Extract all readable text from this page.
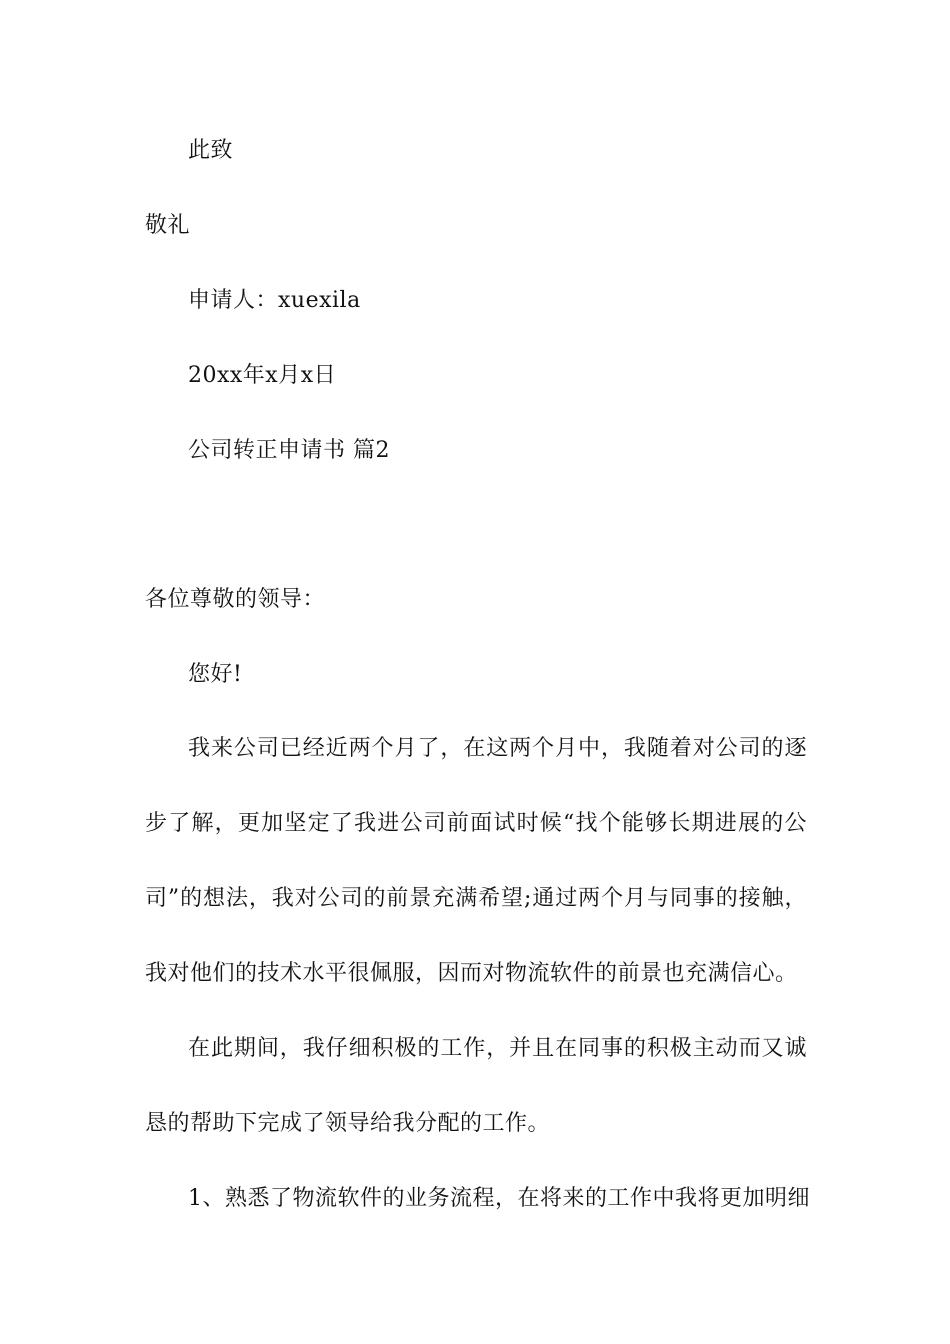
此致
敬礼
申请人：xuexila
20xx年x月x日
公司转正申请书 篇2
各位尊敬的领导：
您好!
我来公司已经近两个月了，在这两个月中，我随着对公司的逐
步了解，更加坚定了我进公司前面试时候“找个能够长期进展的公
司”的想法，我对公司的前景充满希望;通过两个月与同事的接触，
我对他们的技术水平很佩服，因而对物流软件的前景也充满信心。
在此期间，我仔细积极的工作，并且在同事的积极主动而又诚
恳的帮助下完成了领导给我分配的工作。
1、熟悉了物流软件的业务流程，在将来的工作中我将更加明细
